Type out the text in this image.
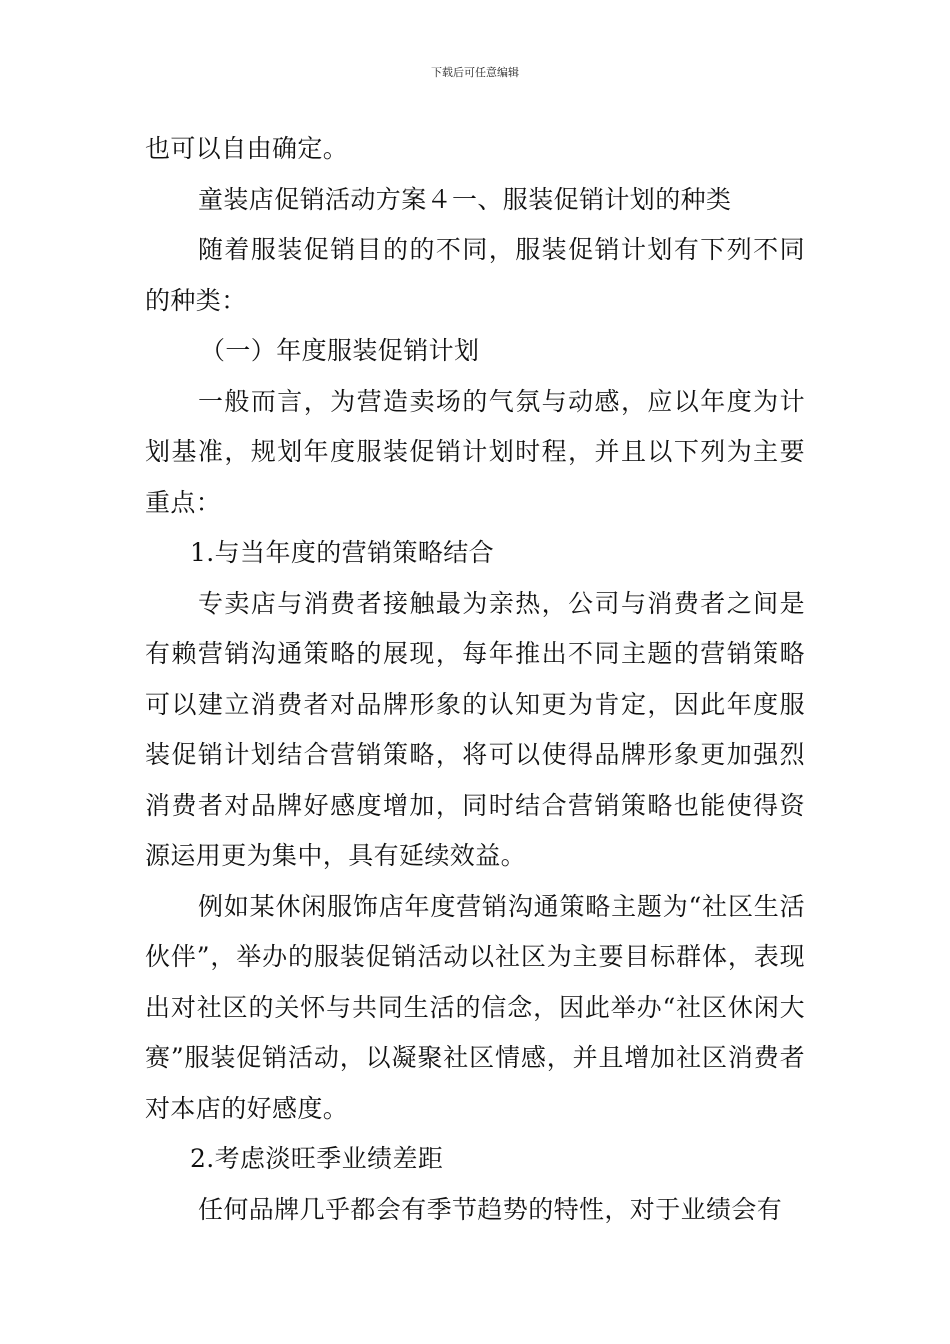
下载后可任意编辑

也可以自由确定。

童装店促销活动方案４一、服装促销计划的种类

随着服装促销目的的不同，服装促销计划有下列不同的种类：

（一）年度服装促销计划

一般而言，为营造卖场的气氛与动感，应以年度为计划基准，规划年度服装促销计划时程，并且以下列为主要重点：

1.与当年度的营销策略结合

专卖店与消费者接触最为亲热，公司与消费者之间是有赖营销沟通策略的展现，每年推出不同主题的营销策略可以建立消费者对品牌形象的认知更为肯定，因此年度服装促销计划结合营销策略，将可以使得品牌形象更加强烈消费者对品牌好感度增加，同时结合营销策略也能使得资源运用更为集中，具有延续效益。

例如某休闲服饰店年度营销沟通策略主题为“社区生活伙伴”，举办的服装促销活动以社区为主要目标群体，表现出对社区的关怀与共同生活的信念，因此举办“社区休闲大赛”服装促销活动，以凝聚社区情感，并且增加社区消费者对本店的好感度。

2.考虑淡旺季业绩差距

任何品牌几乎都会有季节趋势的特性，对于业绩会有
